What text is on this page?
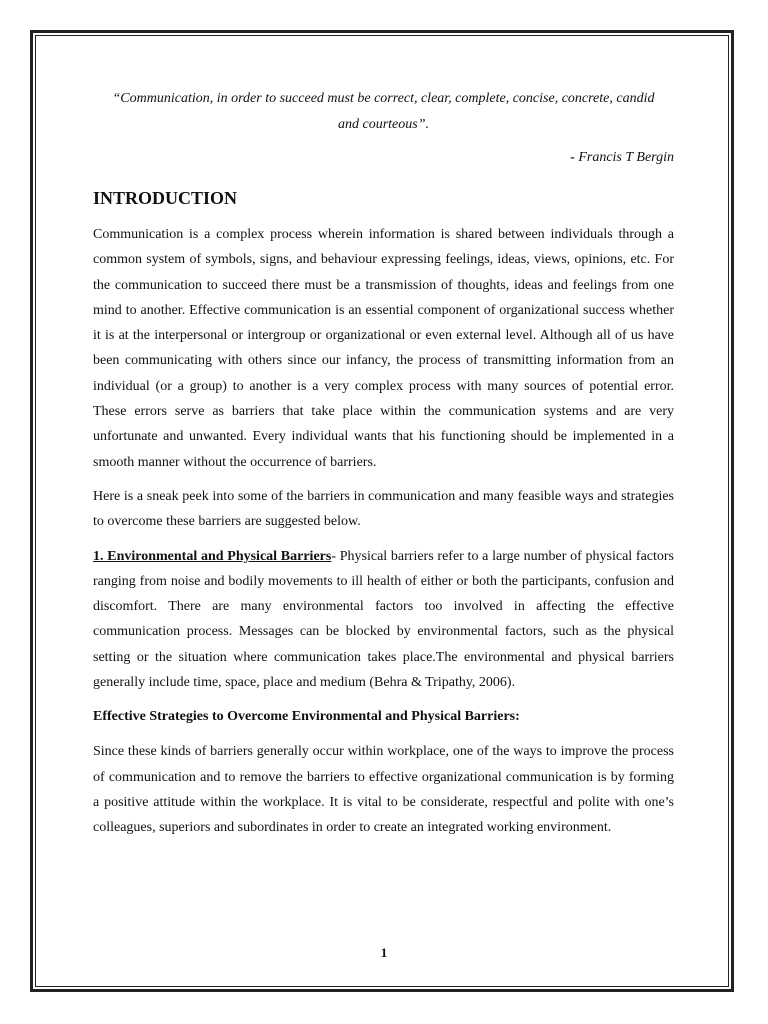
“Communication, in order to succeed must be correct, clear, complete, concise, concrete, candid and courteous”.
- Francis T Bergin
INTRODUCTION

Communication is a complex process wherein information is shared between individuals through a common system of symbols, signs, and behaviour expressing feelings, ideas, views, opinions, etc. For the communication to succeed there must be a transmission of thoughts, ideas and feelings from one mind to another. Effective communication is an essential component of organizational success whether it is at the interpersonal or intergroup or organizational or even external level. Although all of us have been communicating with others since our infancy, the process of transmitting information from an individual (or a group) to another is a very complex process with many sources of potential error. These errors serve as barriers that take place within the communication systems and are very unfortunate and unwanted. Every individual wants that his functioning should be implemented in a smooth manner without the occurrence of barriers.

Here is a sneak peek into some of the barriers in communication and many feasible ways and strategies to overcome these barriers are suggested below.

1. Environmental and Physical Barriers- Physical barriers refer to a large number of physical factors ranging from noise and bodily movements to ill health of either or both the participants, confusion and discomfort. There are many environmental factors too involved in affecting the effective communication process. Messages can be blocked by environmental factors, such as the physical setting or the situation where communication takes place.The environmental and physical barriers generally include time, space, place and medium (Behra & Tripathy, 2006).

Effective Strategies to Overcome Environmental and Physical Barriers:

Since these kinds of barriers generally occur within workplace, one of the ways to improve the process of communication and to remove the barriers to effective organizational communication is by forming a positive attitude within the workplace. It is vital to be considerate, respectful and polite with one’s colleagues, superiors and subordinates in order to create an integrated working environment.

1
